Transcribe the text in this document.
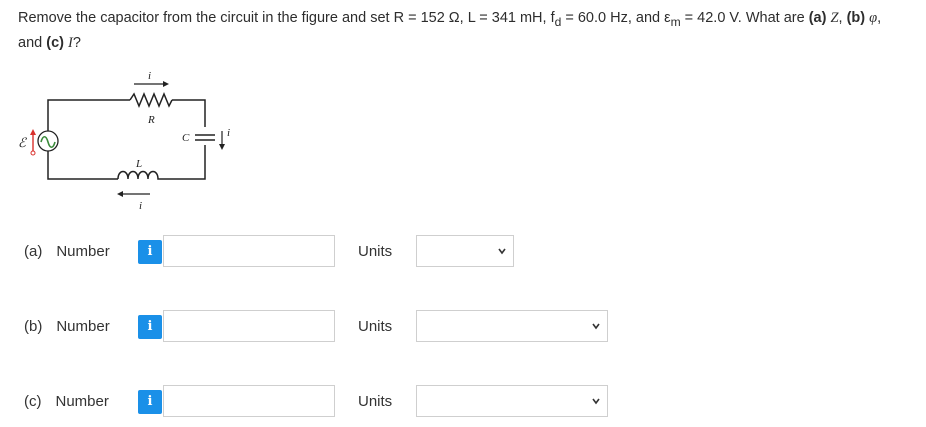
Remove the capacitor from the circuit in the figure and set R = 152 Ω, L = 341 mH, $f_d = 60.0$ Hz, and $\varepsilon_m = 42.0$ V. What are (a) Z, (b) φ,
and (c) I?
ℰ
i
R
C	i
L
i
(a) Number	i	Units
(b) Number	i	Units
(c) Number	i	Units
